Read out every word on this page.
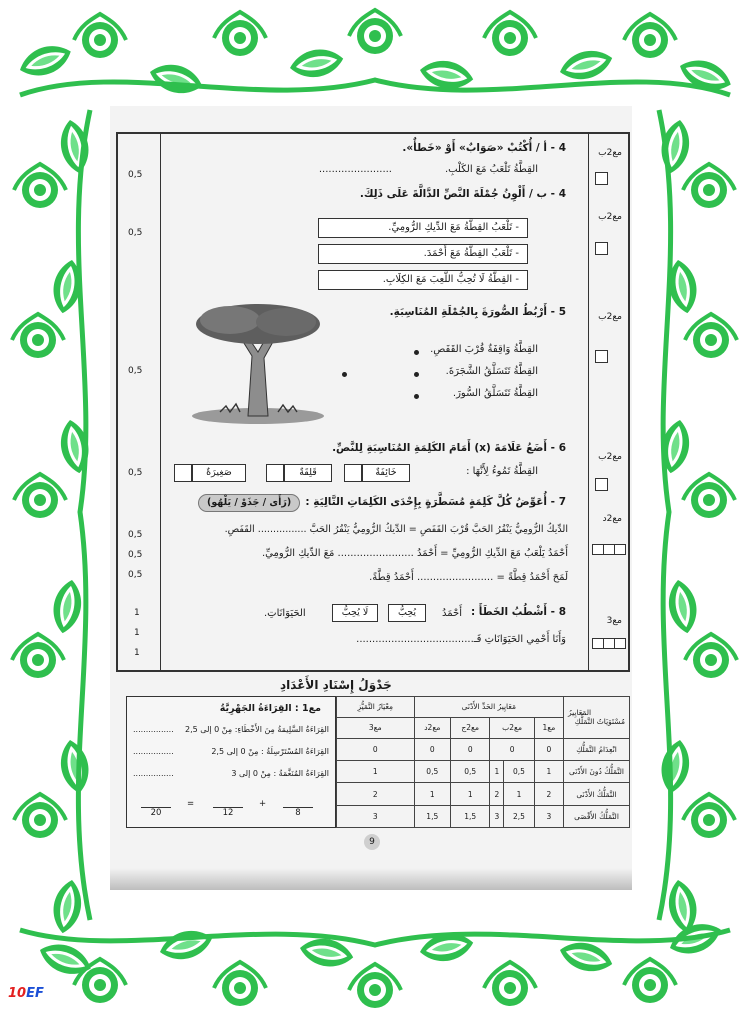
4 - أ / أُكْتُبْ «صَوَابٌ» أَوْ «خَطأٌ».
القِطَّةُ تَلْعَبُ مَعَ الكَلْبِ.
.......................
0,5
مع2ب
4 - ب / أَلْوِنُ جُمْلَةَ النَّصِّ الدَّالَّةَ عَلَى ذَلِكَ.
- تَلْعَبُ القِطَّةُ مَعَ الدِّيكِ الرُّومِيِّ.
- تَلْعَبُ القِطَّةُ مَعَ أَحْمَدَ.
- القِطَّةُ لَا تُحِبُّ اللَّعِبَ مَعَ الكِلَابِ.
0,5
مع2ب
5 - أَرْبُطُ الصُّورَةَ بِالجُمْلَةِ المُنَاسِبَةِ.
القِطَّةُ وَاقِفَةٌ قُرْبَ القَفَصِ.
القِطَّةُ تَتَسَلَّقُ الشَّجَرَةَ.
القِطَّةُ تَتَسَلَّقُ السُّورَ.
0,5
مع2ب
6 - أَضَعُ عَلَامَةَ (x) أَمَامَ الكَلِمَةِ المُنَاسِبَةِ لِلنَّصِّ.
القِطَّةُ تَمُوءُ لِأَنَّهَا :
خَائِفَةٌ
قَلِقَةٌ
صَغِيرَةٌ
0,5
مع2ب
7 - أُعَوِّضُ كُلَّ كَلِمَةٍ مُسَطَّرَةٍ بِإِحْدَى الكَلِمَاتِ التَّالِيَةِ :
(رَأَى / جَذَوْ / يَلْهُو)
الدِّيكُ الرُّومِيُّ يَنْقُرُ الحَبَّ قُرْبَ القَفَصِ = الدِّيكُ الرُّومِيُّ يَنْقُرُ الحَبَّ ................ القَفَصِ.
أَحْمَدُ يَلْعَبُ مَعَ الدِّيكِ الرُّومِيِّ = أَحْمَدُ ........................ مَعَ الدِّيكِ الرُّومِيِّ.
لَمَحَ أَحْمَدُ قِطَّةً = ........................ أَحْمَدُ قِطَّةً.
0,5
0,5
0,5
مع2د
8 - أَشْطُبُ الخَطَأَ :
أَحْمَدُ
يُحِبُّ
لَا يُحِبُّ
الحَيَوَانَاتِ.
وَأَنَا أَحْمِي الحَيَوَانَاتِ فَـ.....................................
1
1
1
مع3
جَدْوَلُ إِسْنَادِ الأَعْدَادِ
مع1 : القِرَاءَةُ الجَهْرِيَّةُ
القِرَاءَةُ السَّلِيمَةُ مِنَ الأَخْطَاءِ: مِنْ 0 إلى 2,5
................
القِرَاءَةُ المُسْتَرْسِلَةُ : مِنْ 0 إلى 2,5
................
القِرَاءَةُ المُنَغَّمَةُ : مِنْ 0 إلى 3
................
20
=
12
+
8
المَعَايِيرُ
مُسْتَوَيَاتُ التَّمَلُّكِ	مَعَايِيرُ الحَدِّ الأَدْنَى					مِعْيَارُ التَّمَيُّزِ
	مع1	مع2ب		مع2ج	مع2د	مع3
انْعِدَامُ التَّمَلُّكِ	0	0		0	0	0
التَّمَلُّكُ دُونَ الأَدْنَى	1	0,5	1	0,5	0,5	1
التَّمَلُّكُ الأَدْنَى	2	1	2	1	1	2
التَّمَلُّكُ الأَقْصَى	3	2,5	3	1,5	1,5	3
9
10EF
